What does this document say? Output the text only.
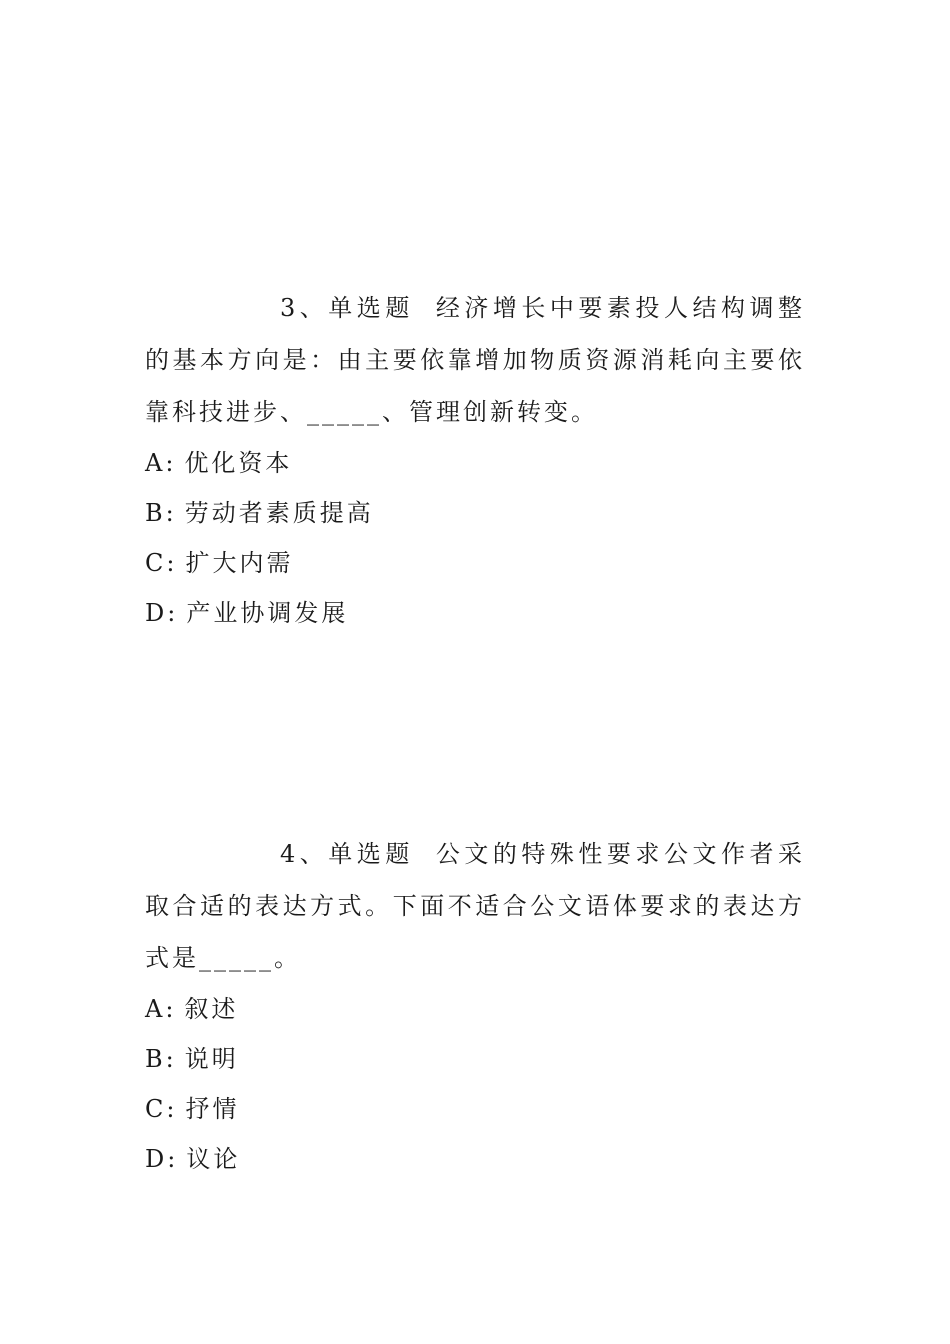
3、单选题 经济增长中要素投人结构调整的基本方向是：由主要依靠增加物质资源消耗向主要依靠科技进步、_____、管理创新转变。

A: 优化资本
B: 劳动者素质提高
C: 扩大内需
D: 产业协调发展

4、单选题 公文的特殊性要求公文作者采取合适的表达方式。下面不适合公文语体要求的表达方式是_____。

A: 叙述
B: 说明
C: 抒情
D: 议论
